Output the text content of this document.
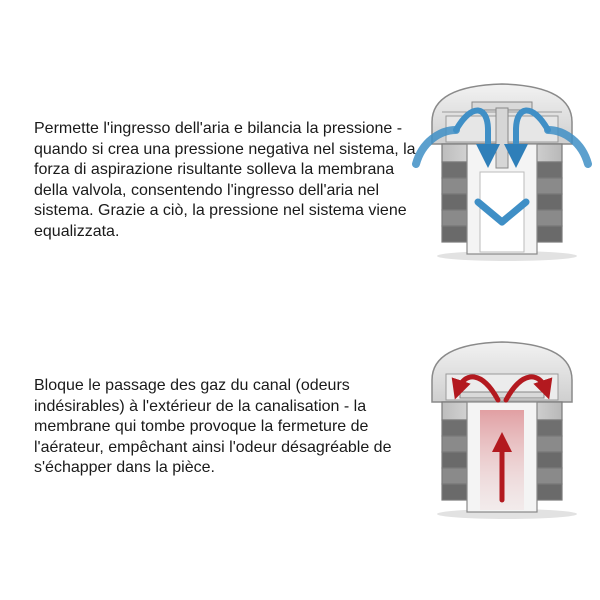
Permette l'ingresso dell'aria e bilancia la pressione - quando si crea una pressione negativa nel sistema, la forza di aspirazione risultante solleva la membrana della valvola, consentendo l'ingresso dell'aria nel sistema. Grazie a ciò, la pressione nel sistema viene equalizzata.

Bloque le passage des gaz du canal (odeurs indésirables) à l'extérieur de la canalisation - la membrane qui tombe provoque la fermeture de l'aérateur, empêchant ainsi l'odeur désagréable de s'échapper dans la pièce.
